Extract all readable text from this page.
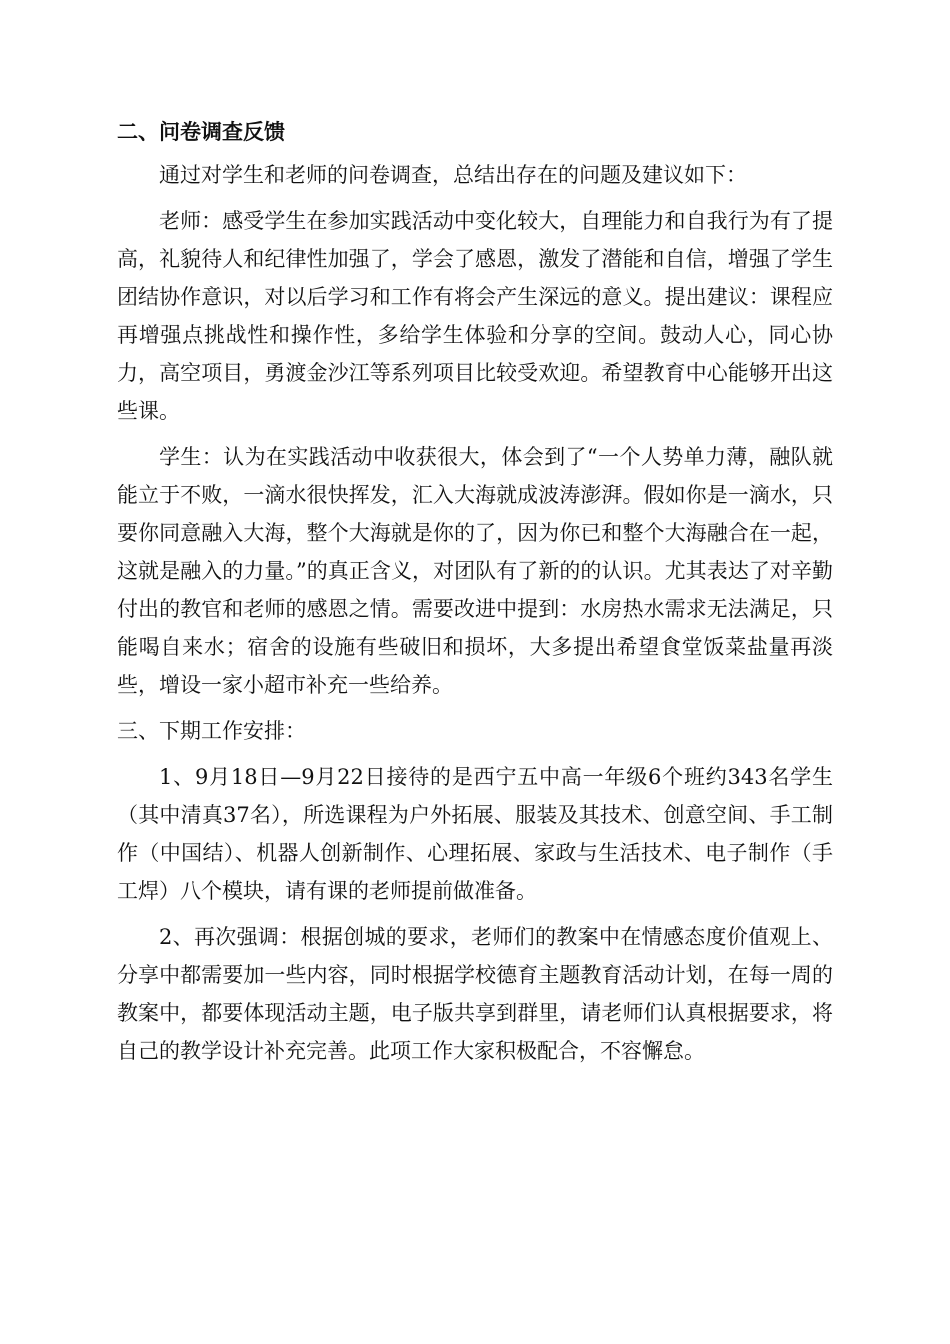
二、问卷调查反馈

通过对学生和老师的问卷调查，总结出存在的问题及建议如下：

老师：感受学生在参加实践活动中变化较大，自理能力和自我行为有了提高，礼貌待人和纪律性加强了，学会了感恩，激发了潜能和自信，增强了学生团结协作意识，对以后学习和工作有将会产生深远的意义。提出建议：课程应再增强点挑战性和操作性，多给学生体验和分享的空间。鼓动人心，同心协力，高空项目，勇渡金沙江等系列项目比较受欢迎。希望教育中心能够开出这些课。

学生：认为在实践活动中收获很大，体会到了“一个人势单力薄，融队就能立于不败，一滴水很快挥发，汇入大海就成波涛澎湃。假如你是一滴水，只要你同意融入大海，整个大海就是你的了，因为你已和整个大海融合在一起，这就是融入的力量。”的真正含义，对团队有了新的的认识。尤其表达了对辛勤付出的教官和老师的感恩之情。需要改进中提到：水房热水需求无法满足，只能喝自来水；宿舍的设施有些破旧和损坏，大多提出希望食堂饭菜盐量再淡些，增设一家小超市补充一些给养。

三、下期工作安排：

1、9月18日—9月22日接待的是西宁五中高一年级6个班约343名学生（其中清真37名），所选课程为户外拓展、服装及其技术、创意空间、手工制作（中国结）、机器人创新制作、心理拓展、家政与生活技术、电子制作（手工焊）八个模块，请有课的老师提前做准备。

2、再次强调：根据创城的要求，老师们的教案中在情感态度价值观上、分享中都需要加一些内容，同时根据学校德育主题教育活动计划，在每一周的教案中，都要体现活动主题，电子版共享到群里，请老师们认真根据要求，将自己的教学设计补充完善。此项工作大家积极配合，不容懈怠。
